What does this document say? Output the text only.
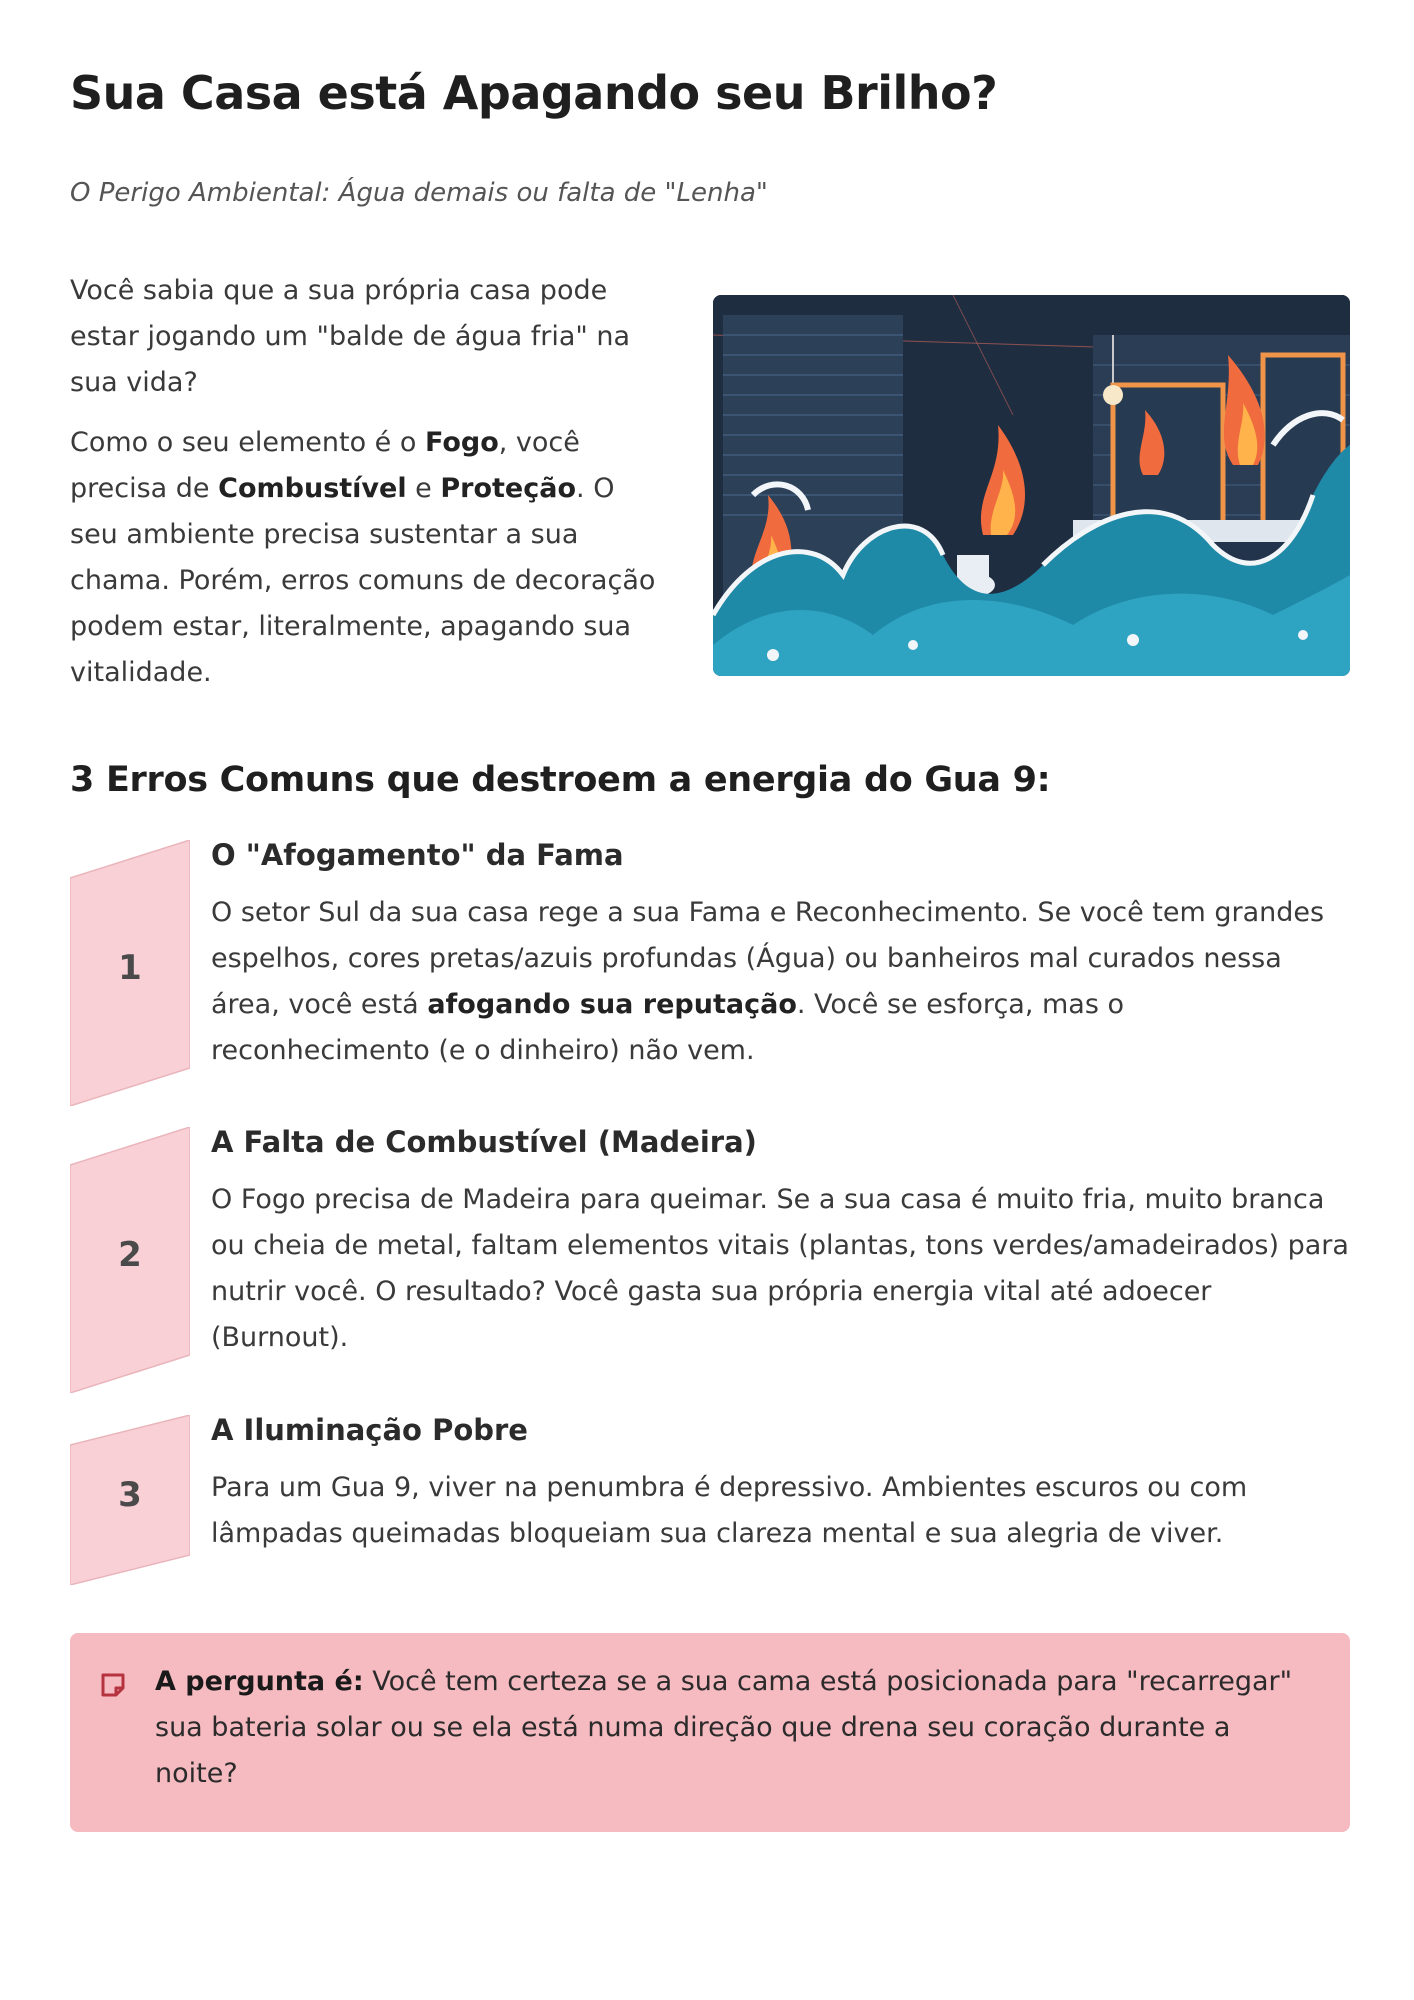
Sua Casa está Apagando seu Brilho?
O Perigo Ambiental: Água demais ou falta de "Lenha"

Você sabia que a sua própria casa pode estar jogando um "balde de água fria" na sua vida?

Como o seu elemento é o Fogo, você precisa de Combustível e Proteção. O seu ambiente precisa sustentar a sua chama. Porém, erros comuns de decoração podem estar, literalmente, apagando sua vitalidade.

3 Erros Comuns que destroem a energia do Gua 9:
1
O "Afogamento" da Fama
O setor Sul da sua casa rege a sua Fama e Reconhecimento. Se você tem grandes espelhos, cores pretas/azuis profundas (Água) ou banheiros mal curados nessa área, você está afogando sua reputação. Você se esforça, mas o reconhecimento (e o dinheiro) não vem.
2
A Falta de Combustível (Madeira)
O Fogo precisa de Madeira para queimar. Se a sua casa é muito fria, muito branca ou cheia de metal, faltam elementos vitais (plantas, tons verdes/amadeirados) para nutrir você. O resultado? Você gasta sua própria energia vital até adoecer (Burnout).
3
A Iluminação Pobre
Para um Gua 9, viver na penumbra é depressivo. Ambientes escuros ou com lâmpadas queimadas bloqueiam sua clareza mental e sua alegria de viver.
A pergunta é: Você tem certeza se a sua cama está posicionada para "recarregar" sua bateria solar ou se ela está numa direção que drena seu coração durante a noite?
